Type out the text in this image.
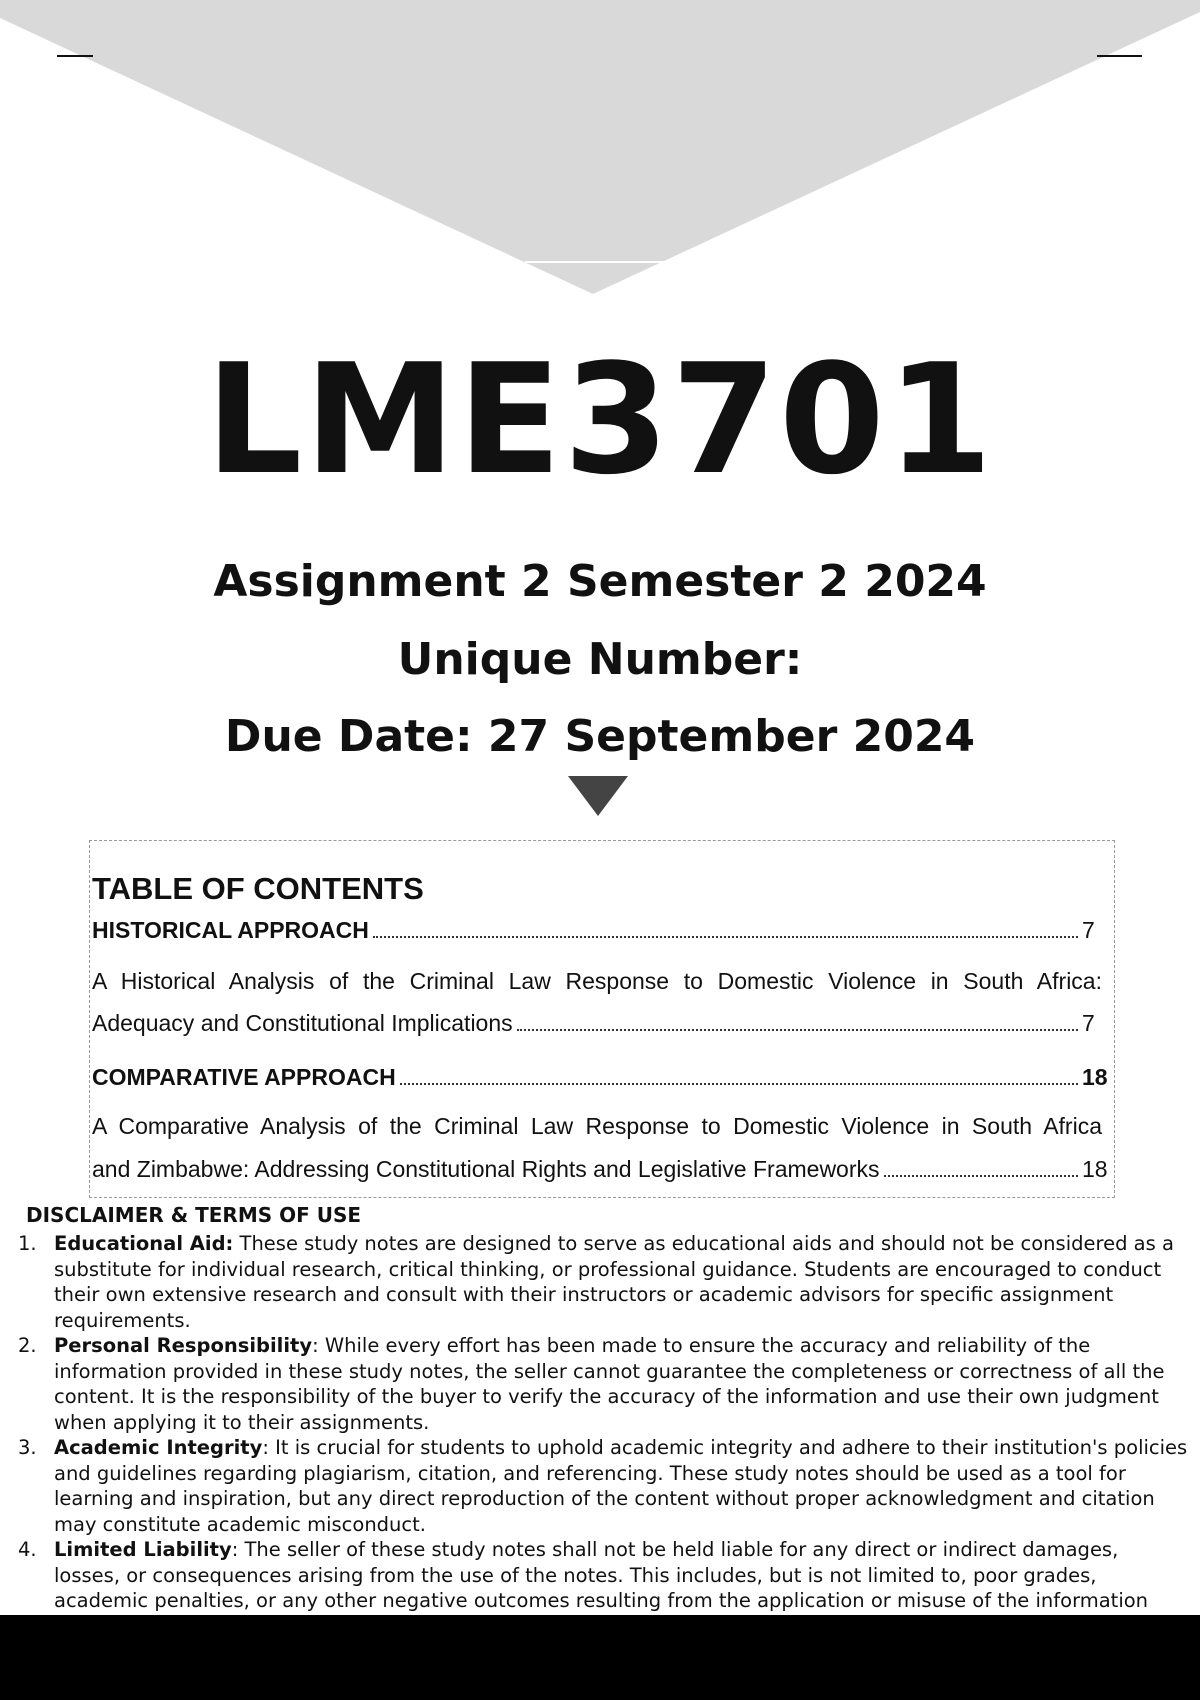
LME3701
Assignment 2 Semester 2 2024
Unique Number:
Due Date: 27 September 2024
TABLE OF CONTENTS
HISTORICAL APPROACH	7
A Historical Analysis of the Criminal Law Response to Domestic Violence in South Africa:
Adequacy and Constitutional Implications	7
COMPARATIVE APPROACH	18
A Comparative Analysis of the Criminal Law Response to Domestic Violence in South Africa
and Zimbabwe: Addressing Constitutional Rights and Legislative Frameworks	18
DISCLAIMER & TERMS OF USE
1. Educational Aid: These study notes are designed to serve as educational aids and should not be considered as a substitute for individual research, critical thinking, or professional guidance. Students are encouraged to conduct their own extensive research and consult with their instructors or academic advisors for specific assignment requirements.
2. Personal Responsibility: While every effort has been made to ensure the accuracy and reliability of the information provided in these study notes, the seller cannot guarantee the completeness or correctness of all the content. It is the responsibility of the buyer to verify the accuracy of the information and use their own judgment when applying it to their assignments.
3. Academic Integrity: It is crucial for students to uphold academic integrity and adhere to their institution's policies and guidelines regarding plagiarism, citation, and referencing. These study notes should be used as a tool for learning and inspiration, but any direct reproduction of the content without proper acknowledgment and citation may constitute academic misconduct.
4. Limited Liability: The seller of these study notes shall not be held liable for any direct or indirect damages, losses, or consequences arising from the use of the notes. This includes, but is not limited to, poor grades, academic penalties, or any other negative outcomes resulting from the application or misuse of the information
